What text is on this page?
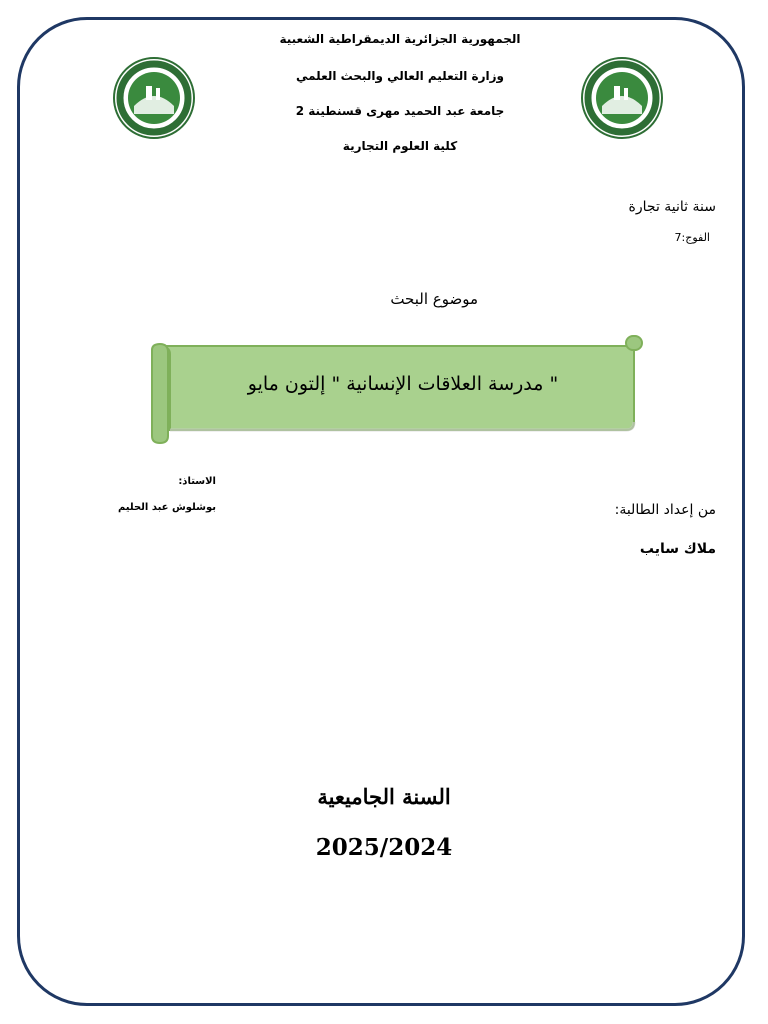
الجمهورية الجزائرية الديمقراطية الشعبية
وزارة التعليم العالي والبحث العلمي
جامعة عبد الحميد مهرى قسنطينة 2
كلية العلوم التجارية
سنة ثانية تجارة
الفوج:7
موضوع البحث
" مدرسة العلاقات الإنسانية " إلتون مايو
الاستاذ:
بوشلوش عبد الحليم	من إعداد الطالبة:
ملاك سايب
السنة الجاميعية
2025/2024
